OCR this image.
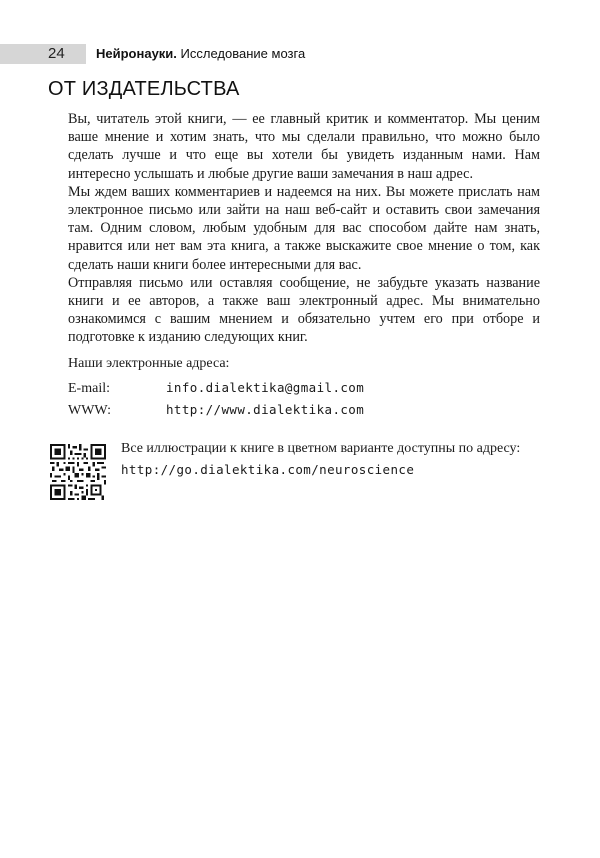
24 Нейронауки. Исследование мозга
ОТ ИЗДАТЕЛЬСТВА

Вы, читатель этой книги, — ее главный критик и комментатор. Мы ценим ваше мнение и хотим знать, что мы сделали правильно, что можно было сделать лучше и что еще вы хотели бы увидеть изданным нами. Нам интересно услышать и любые другие ваши замечания в наш адрес.

Мы ждем ваших комментариев и надеемся на них. Вы можете прислать нам электронное письмо или зайти на наш веб-сайт и оставить свои замечания там. Одним словом, любым удобным для вас способом дайте нам знать, нравится или нет вам эта книга, а также выскажите свое мнение о том, как сделать наши книги более интересными для вас.

Отправляя письмо или оставляя сообщение, не забудьте указать название книги и ее авторов, а также ваш электронный адрес. Мы внимательно ознакомимся с вашим мнением и обязательно учтем его при отборе и подготовке к изданию следующих книг.

Наши электронные адреса:
E-mail:	info.dialektika@gmail.com
WWW:	http://www.dialektika.com
Все иллюстрации к книге в цветном варианте доступны по адресу:
http://go.dialektika.com/neuroscience
